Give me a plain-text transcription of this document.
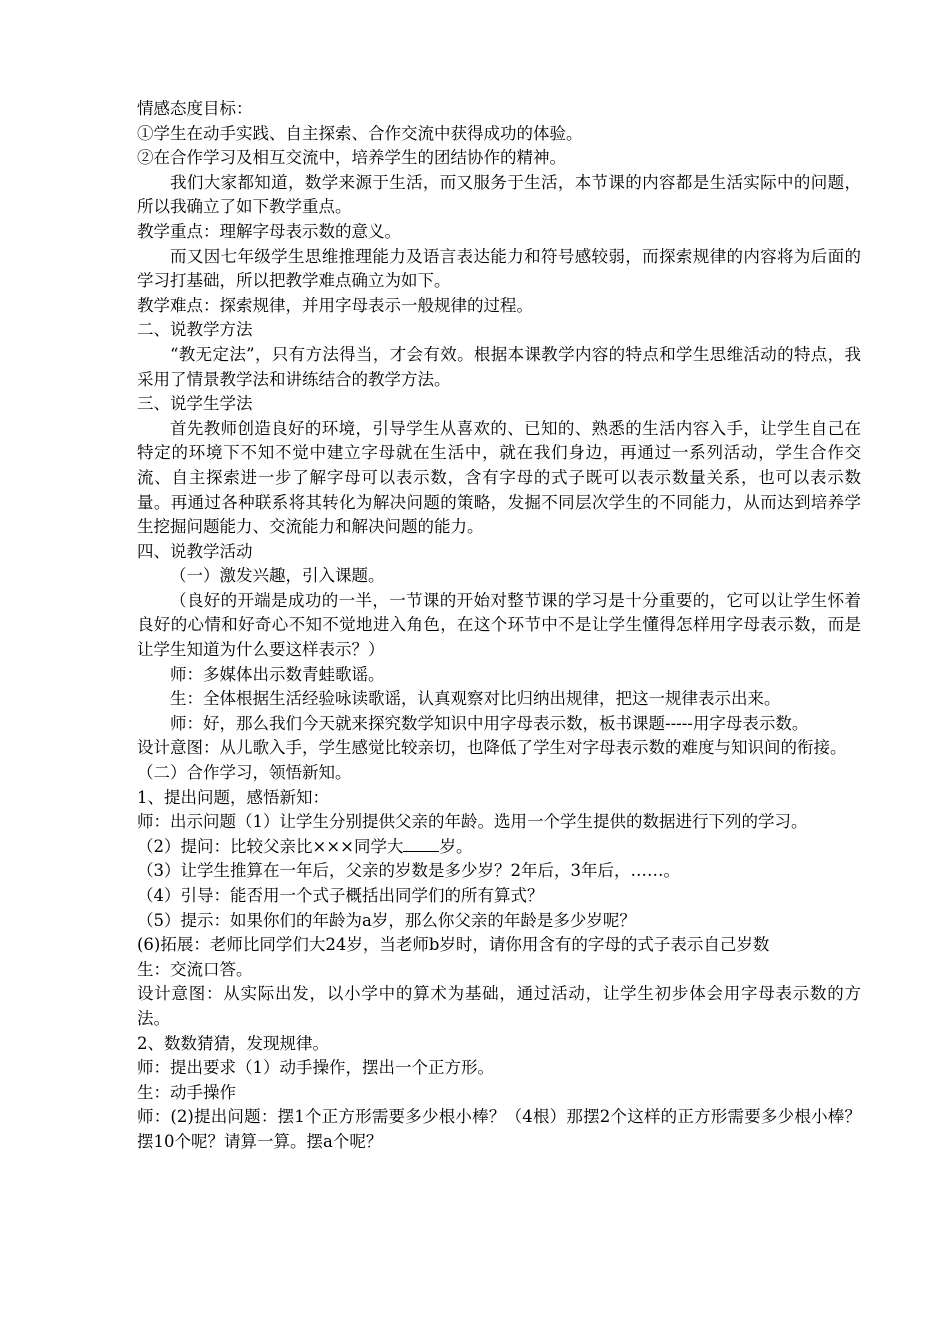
情感态度目标：

①学生在动手实践、自主探索、合作交流中获得成功的体验。

②在合作学习及相互交流中，培养学生的团结协作的精神。

我们大家都知道，数学来源于生活，而又服务于生活，本节课的内容都是生活实际中的问题，所以我确立了如下教学重点。

教学重点：理解字母表示数的意义。

而又因七年级学生思维推理能力及语言表达能力和符号感较弱，而探索规律的内容将为后面的学习打基础，所以把教学难点确立为如下。

教学难点：探索规律，并用字母表示一般规律的过程。

二、说教学方法

“教无定法”，只有方法得当，才会有效。根据本课教学内容的特点和学生思维活动的特点，我采用了情景教学法和讲练结合的教学方法。

三、说学生学法

首先教师创造良好的环境，引导学生从喜欢的、已知的、熟悉的生活内容入手，让学生自己在特定的环境下不知不觉中建立字母就在生活中，就在我们身边，再通过一系列活动，学生合作交流、自主探索进一步了解字母可以表示数，含有字母的式子既可以表示数量关系，也可以表示数量。再通过各种联系将其转化为解决问题的策略，发掘不同层次学生的不同能力，从而达到培养学生挖掘问题能力、交流能力和解决问题的能力。

四、说教学活动

（一）激发兴趣，引入课题。

（良好的开端是成功的一半，一节课的开始对整节课的学习是十分重要的，它可以让学生怀着良好的心情和好奇心不知不觉地进入角色，在这个环节中不是让学生懂得怎样用字母表示数，而是让学生知道为什么要这样表示？）

师：多媒体出示数青蛙歌谣。

生：全体根据生活经验咏读歌谣，认真观察对比归纳出规律，把这一规律表示出来。

师：好，那么我们今天就来探究数学知识中用字母表示数，板书课题-----用字母表示数。

设计意图：从儿歌入手，学生感觉比较亲切，也降低了学生对字母表示数的难度与知识间的衔接。

（二）合作学习，领悟新知。

1、提出问题，感悟新知：

师：出示问题（1）让学生分别提供父亲的年龄。选用一个学生提供的数据进行下列的学习。

（2）提问：比较父亲比×××同学大 岁。

（3）让学生推算在一年后，父亲的岁数是多少岁？2年后，3年后，……。

（4）引导：能否用一个式子概括出同学们的所有算式？

（5）提示：如果你们的年龄为a岁，那么你父亲的年龄是多少岁呢？

(6)拓展：老师比同学们大24岁，当老师b岁时，请你用含有的字母的式子表示自己岁数

生：交流口答。

设计意图：从实际出发，以小学中的算术为基础，通过活动，让学生初步体会用字母表示数的方法。

2、数数猜猜，发现规律。

师：提出要求（1）动手操作，摆出一个正方形。

生：动手操作

师：(2)提出问题：摆1个正方形需要多少根小棒？（4根）那摆2个这样的正方形需要多少根小棒？摆10个呢？请算一算。摆a个呢？
